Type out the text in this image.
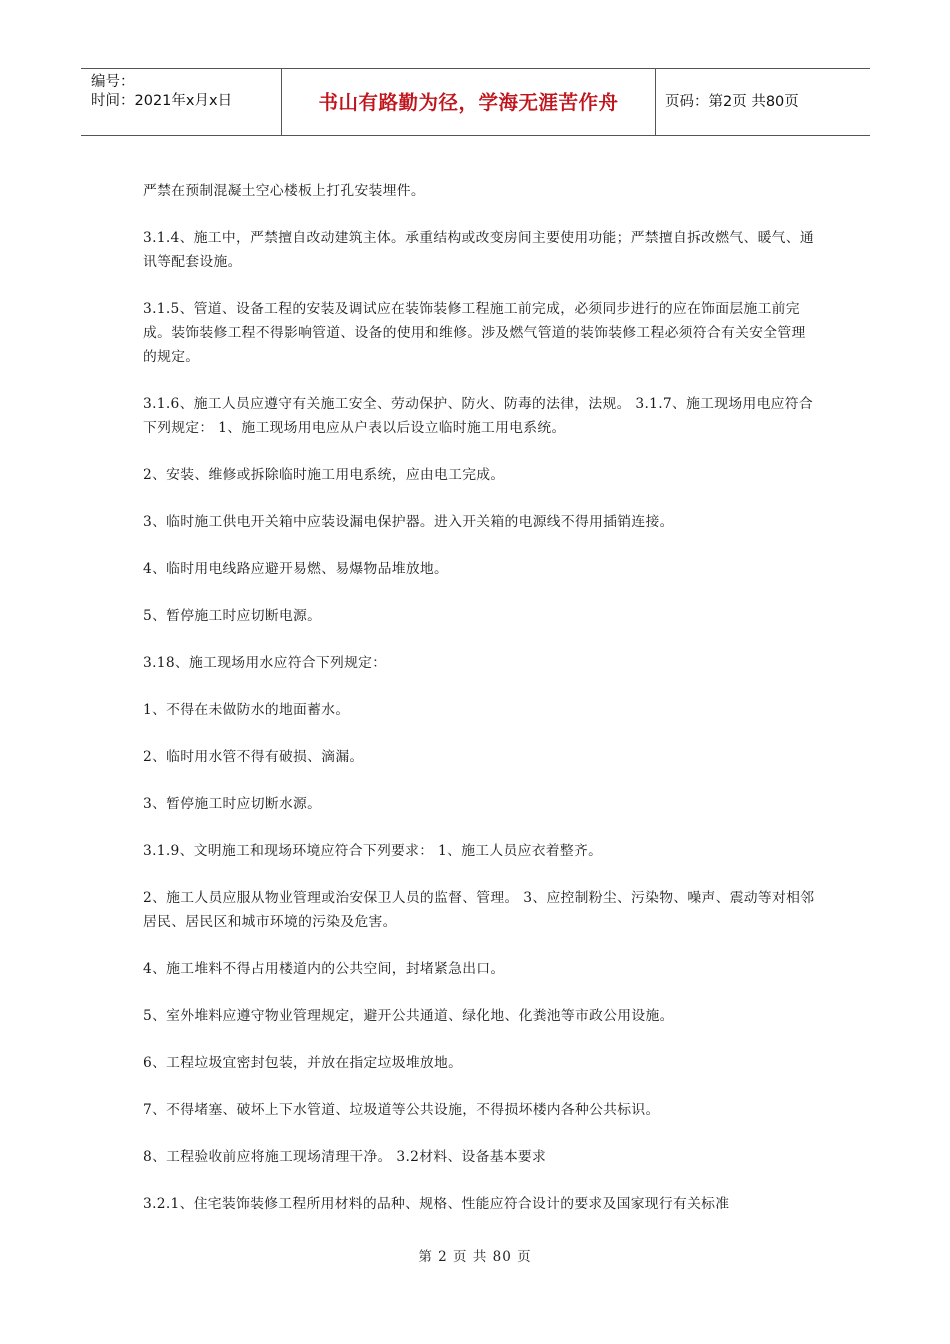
编号：
时间：2021年x月x日	书山有路勤为径，学海无涯苦作舟	页码：第2页 共80页

严禁在预制混凝土空心楼板上打孔安装埋件。

3.1.4、施工中，严禁擅自改动建筑主体。承重结构或改变房间主要使用功能；严禁擅自拆改燃气、暖气、通讯等配套设施。

3.1.5、管道、设备工程的安装及调试应在装饰装修工程施工前完成，必须同步进行的应在饰面层施工前完成。装饰装修工程不得影响管道、设备的使用和维修。涉及燃气管道的装饰装修工程必须符合有关安全管理的规定。

3.1.6、施工人员应遵守有关施工安全、劳动保护、防火、防毒的法律，法规。 3.1.7、施工现场用电应符合下列规定： 1、施工现场用电应从户表以后设立临时施工用电系统。

2、安装、维修或拆除临时施工用电系统，应由电工完成。

3、临时施工供电开关箱中应装设漏电保护器。进入开关箱的电源线不得用插销连接。

4、临时用电线路应避开易燃、易爆物品堆放地。

5、暂停施工时应切断电源。

3.18、施工现场用水应符合下列规定：

1、不得在未做防水的地面蓄水。

2、临时用水管不得有破损、滴漏。

3、暂停施工时应切断水源。

3.1.9、文明施工和现场环境应符合下列要求： 1、施工人员应衣着整齐。

2、施工人员应服从物业管理或治安保卫人员的监督、管理。 3、应控制粉尘、污染物、噪声、震动等对相邻居民、居民区和城市环境的污染及危害。

4、施工堆料不得占用楼道内的公共空间，封堵紧急出口。

5、室外堆料应遵守物业管理规定，避开公共通道、绿化地、化粪池等市政公用设施。

6、工程垃圾宜密封包装，并放在指定垃圾堆放地。

7、不得堵塞、破坏上下水管道、垃圾道等公共设施，不得损坏楼内各种公共标识。

8、工程验收前应将施工现场清理干净。 3.2材料、设备基本要求

3.2.1、住宅装饰装修工程所用材料的品种、规格、性能应符合设计的要求及国家现行有关标准

第 2 页 共 80 页
